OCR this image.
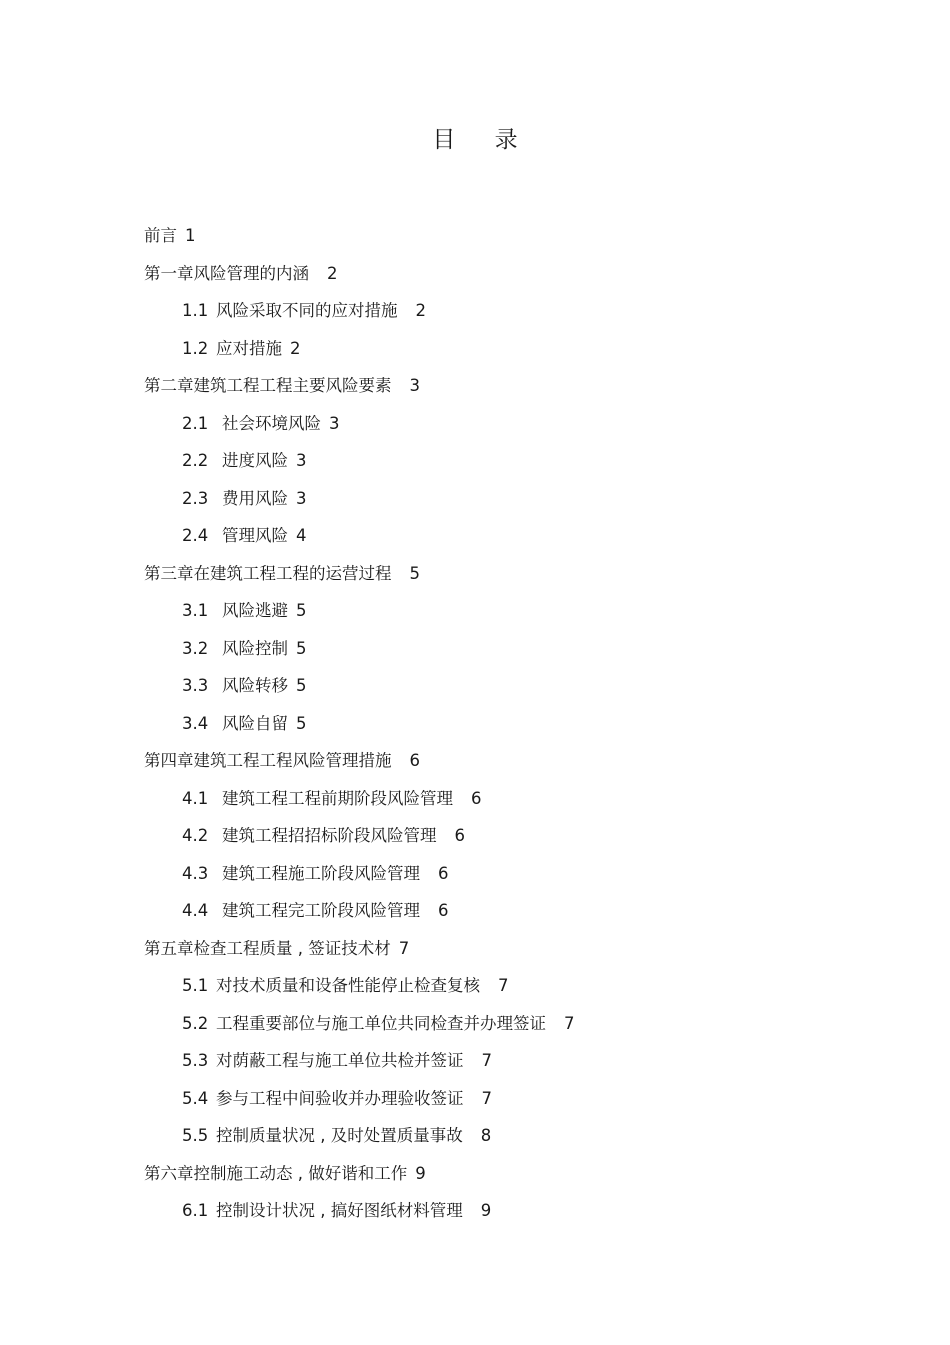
目 录
前言 1
第一章风险管理的内涵 2
1.1 风险采取不同的应对措施 2
1.2 应对措施 2
第二章建筑工程工程主要风险要素 3
2.1 社会环境风险 3
2.2 进度风险 3
2.3 费用风险 3
2.4 管理风险 4
第三章在建筑工程工程的运营过程 5
3.1 风险逃避 5
3.2 风险控制 5
3.3 风险转移 5
3.4 风险自留 5
第四章建筑工程工程风险管理措施 6
4.1 建筑工程工程前期阶段风险管理 6
4.2 建筑工程招招标阶段风险管理 6
4.3 建筑工程施工阶段风险管理 6
4.4 建筑工程完工阶段风险管理 6
第五章检查工程质量 , 签证技术材 7
5.1 对技术质量和设备性能停止检查复核 7
5.2 工程重要部位与施工单位共同检查并办理签证 7
5.3 对荫蔽工程与施工单位共检并签证 7
5.4 参与工程中间验收并办理验收签证 7
5.5 控制质量状况 , 及时处置质量事故 8
第六章控制施工动态 , 做好谐和工作 9
6.1 控制设计状况 , 搞好图纸材料管理 9
